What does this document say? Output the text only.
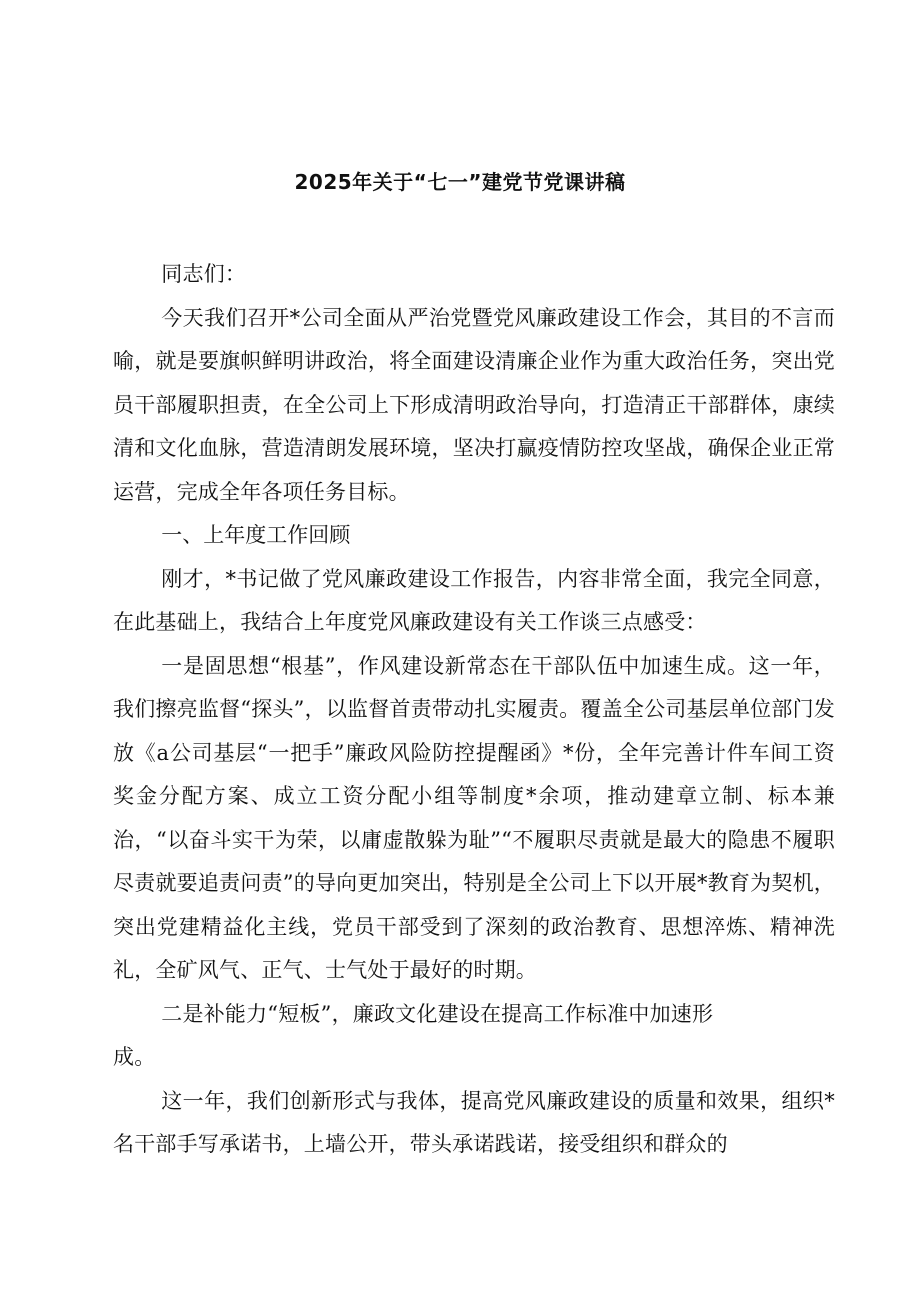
2025年关于“七一”建党节党课讲稿

同志们：

今天我们召开*公司全面从严治党暨党风廉政建设工作会，其目的不言而喻，就是要旗帜鲜明讲政治，将全面建设清廉企业作为重大政治任务，突出党员干部履职担责，在全公司上下形成清明政治导向，打造清正干部群体，康续清和文化血脉，营造清朗发展环境，坚决打赢疫情防控攻坚战，确保企业正常运营，完成全年各项任务目标。

一、上年度工作回顾

刚才，*书记做了党风廉政建设工作报告，内容非常全面，我完全同意，在此基础上，我结合上年度党风廉政建设有关工作谈三点感受：

一是固思想“根基”，作风建设新常态在干部队伍中加速生成。这一年，我们擦亮监督“探头”，以监督首责带动扎实履责。覆盖全公司基层单位部门发放《a公司基层“一把手”廉政风险防控提醒函》*份，全年完善计件车间工资奖金分配方案、成立工资分配小组等制度*余项，推动建章立制、标本兼治，“以奋斗实干为荣，以庸虚散躲为耻”“不履职尽责就是最大的隐患不履职尽责就要追责问责”的导向更加突出，特别是全公司上下以开展*教育为契机，突出党建精益化主线，党员干部受到了深刻的政治教育、思想淬炼、精神洗礼，全矿风气、正气、士气处于最好的时期。

二是补能力“短板”，廉政文化建设在提高工作标准中加速形

成。

这一年，我们创新形式与我体，提高党风廉政建设的质量和效果，组织*名干部手写承诺书，上墙公开，带头承诺践诺，接受组织和群众的
